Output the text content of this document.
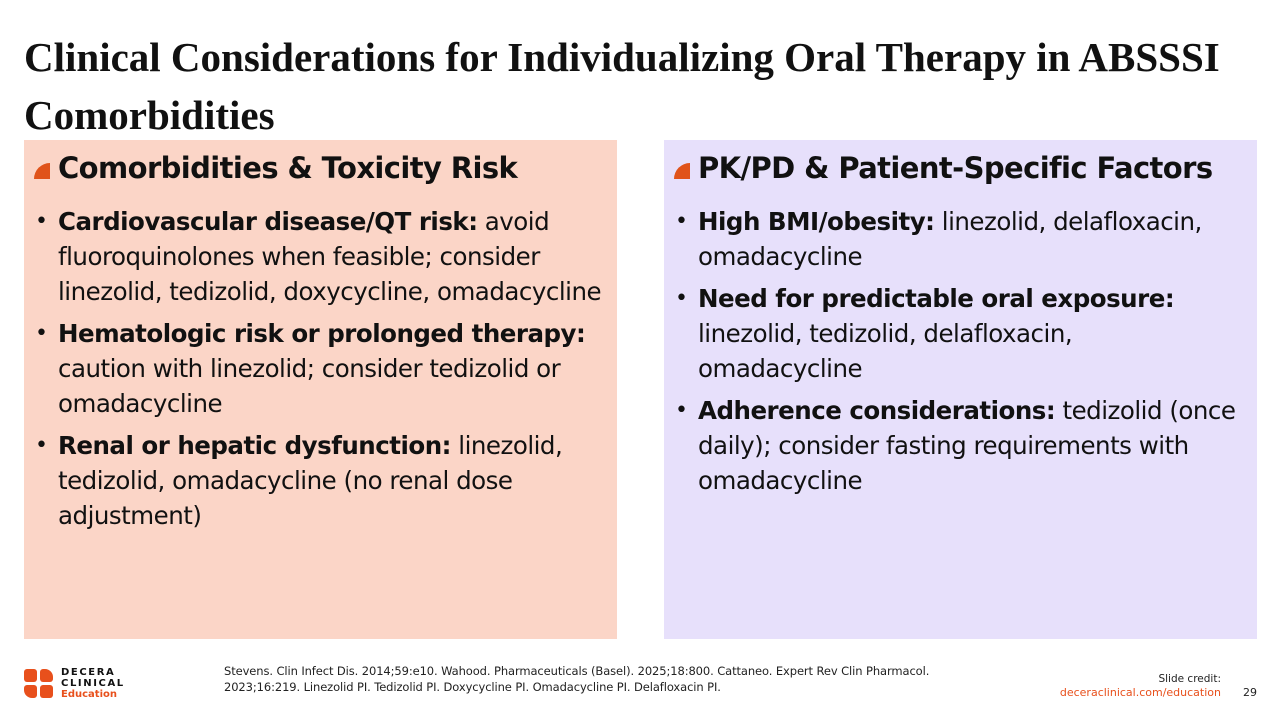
Clinical Considerations for Individualizing Oral Therapy in ABSSSI Comorbidities
Comorbidities & Toxicity Risk
• Cardiovascular disease/QT risk: avoid fluoroquinolones when feasible; consider linezolid, tedizolid, doxycycline, omadacycline
• Hematologic risk or prolonged therapy: caution with linezolid; consider tedizolid or omadacycline
• Renal or hepatic dysfunction: linezolid, tedizolid, omadacycline (no renal dose adjustment)
PK/PD & Patient-Specific Factors
• High BMI/obesity: linezolid, delafloxacin, omadacycline
• Need for predictable oral exposure: linezolid, tedizolid, delafloxacin, omadacycline
• Adherence considerations: tedizolid (once daily); consider fasting requirements with omadacycline
DECERA
CLINICAL
Education
Stevens. Clin Infect Dis. 2014;59:e10. Wahood. Pharmaceuticals (Basel). 2025;18:800. Cattaneo. Expert Rev Clin Pharmacol. 2023;16:219. Linezolid PI. Tedizolid PI. Doxycycline PI. Omadacycline PI. Delafloxacin PI.
Slide credit:
deceraclinical.com/education 29
